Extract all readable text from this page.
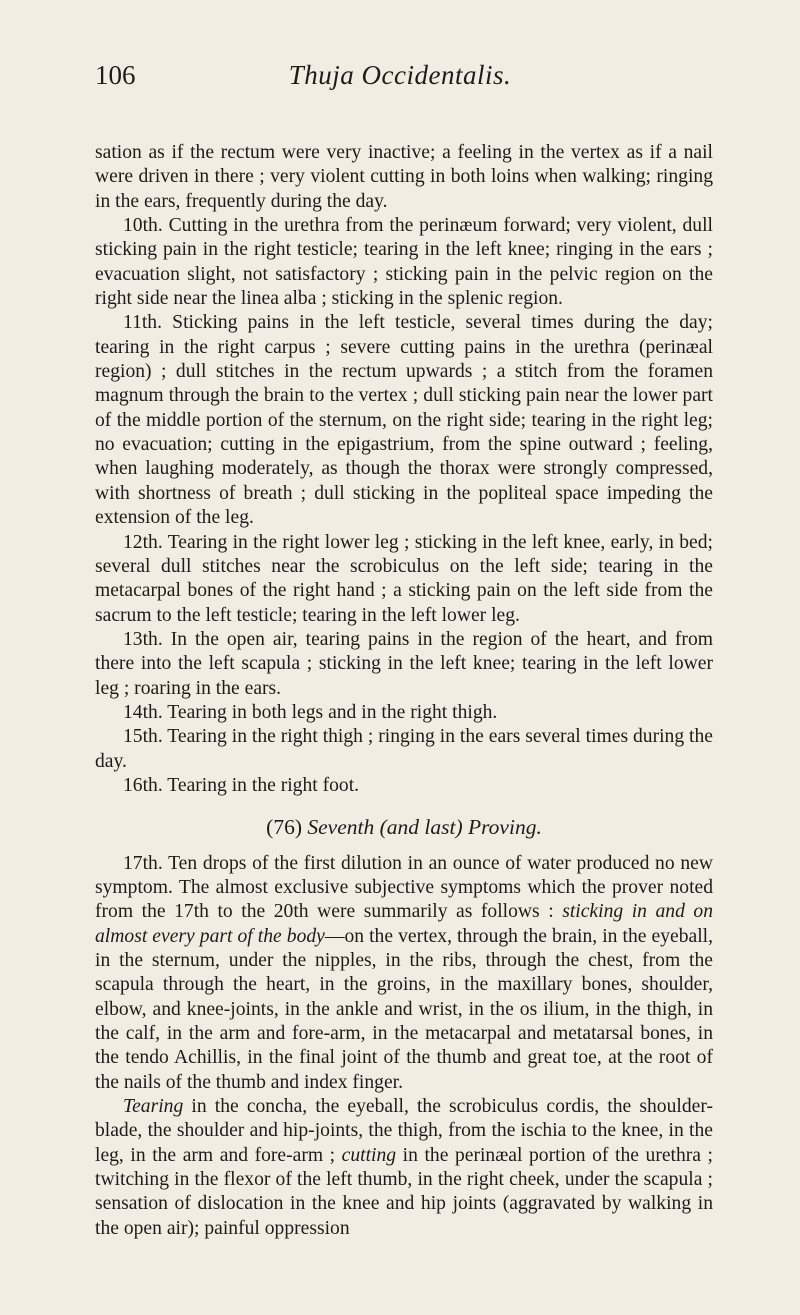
106	Thuja Occidentalis.

sation as if the rectum were very inactive; a feeling in the vertex as if a nail were driven in there ; very violent cutting in both loins when walking; ringing in the ears, frequently during the day.

10th. Cutting in the urethra from the perinæum forward; very violent, dull sticking pain in the right testicle; tearing in the left knee; ringing in the ears ; evacuation slight, not satisfactory ; sticking pain in the pelvic region on the right side near the linea alba ; sticking in the splenic region.

11th. Sticking pains in the left testicle, several times during the day; tearing in the right carpus ; severe cutting pains in the urethra (perinæal region) ; dull stitches in the rectum upwards ; a stitch from the foramen magnum through the brain to the vertex ; dull sticking pain near the lower part of the middle portion of the sternum, on the right side; tearing in the right leg; no evacuation; cutting in the epigastrium, from the spine outward ; feeling, when laughing moderately, as though the thorax were strongly compressed, with shortness of breath ; dull sticking in the popliteal space impeding the extension of the leg.

12th. Tearing in the right lower leg ; sticking in the left knee, early, in bed; several dull stitches near the scrobiculus on the left side; tearing in the metacarpal bones of the right hand ; a sticking pain on the left side from the sacrum to the left testicle; tearing in the left lower leg.

13th. In the open air, tearing pains in the region of the heart, and from there into the left scapula ; sticking in the left knee; tearing in the left lower leg ; roaring in the ears.

14th. Tearing in both legs and in the right thigh.

15th. Tearing in the right thigh ; ringing in the ears several times during the day.

16th. Tearing in the right foot.

(76) Seventh (and last) Proving.

17th. Ten drops of the first dilution in an ounce of water produced no new symptom. The almost exclusive subjective symptoms which the prover noted from the 17th to the 20th were summarily as follows : sticking in and on almost every part of the body—on the vertex, through the brain, in the eyeball, in the sternum, under the nipples, in the ribs, through the chest, from the scapula through the heart, in the groins, in the maxillary bones, shoulder, elbow, and knee-joints, in the ankle and wrist, in the os ilium, in the thigh, in the calf, in the arm and fore-arm, in the metacarpal and metatarsal bones, in the tendo Achillis, in the final joint of the thumb and great toe, at the root of the nails of the thumb and index finger.

Tearing in the concha, the eyeball, the scrobiculus cordis, the shoulder-blade, the shoulder and hip-joints, the thigh, from the ischia to the knee, in the leg, in the arm and fore-arm ; cutting in the perinæal portion of the urethra ; twitching in the flexor of the left thumb, in the right cheek, under the scapula ; sensation of dislocation in the knee and hip joints (aggravated by walking in the open air); painful oppression
